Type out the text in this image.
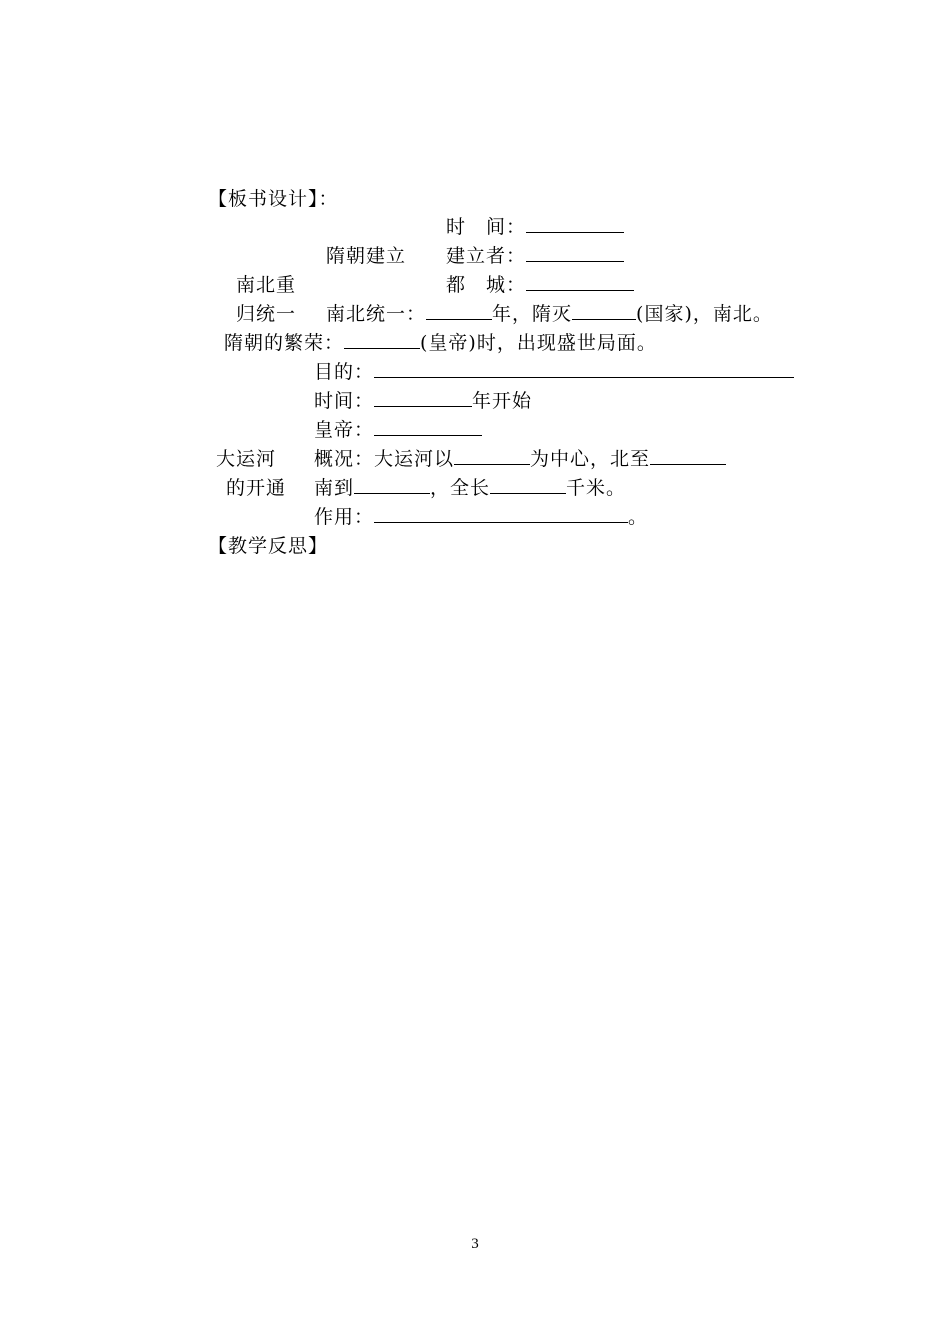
【板书设计】：
时　间：
隋朝建立 建立者：
南北重	都　城：
归统一 南北统一：	年，隋灭	(国家)，南北。
隋朝的繁荣：	(皇帝)时，出现盛世局面。
目的：
时间：	年开始
皇帝：
大运河 概况：大运河以	为中心，北至
的开通 南到	，全长	千米。
作用：	。
【教学反思】
3
